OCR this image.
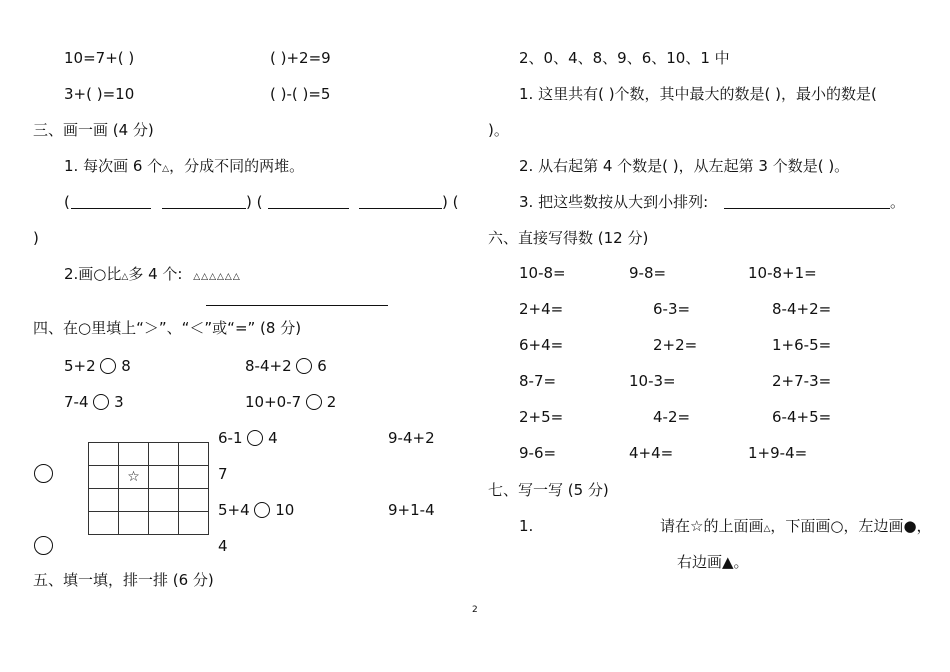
10=7+( )	( )+2=9
3+( )=10	( )-( )=5
三、画一画 (4 分)
1. 每次画 6 个△，分成不同的两堆。
(	) (	) (
)
2.画○比△多 4 个: △△△△△△
四、在○里填上“＞”、“＜”或“=” (8 分)
5+2 8	8-4+2 6
7-4 3	10+0-7 2
6-1 4	9-4+2
7

	☆		

5+4 10	9+1-4
4
五、填一填，排一排 (6 分)
2、0、4、8、9、6、10、1 中
1. 这里共有( )个数，其中最大的数是( )，最小的数是(
)。
2. 从右起第 4 个数是( )，从左起第 3 个数是( )。
3. 把这些数按从大到小排列:	。
六、直接写得数 (12 分)
10-8=	9-8=	10-8+1=
2+4=	6-3=	8-4+2=
6+4=	2+2=	1+6-5=
8-7=	10-3=	2+7-3=
2+5=	4-2=	6-4+5=
9-6=	4+4=	1+9-4=
七、写一写 (5 分)
1.	请在☆的上面画△，下面画○，左边画●，
右边画▲。
2
